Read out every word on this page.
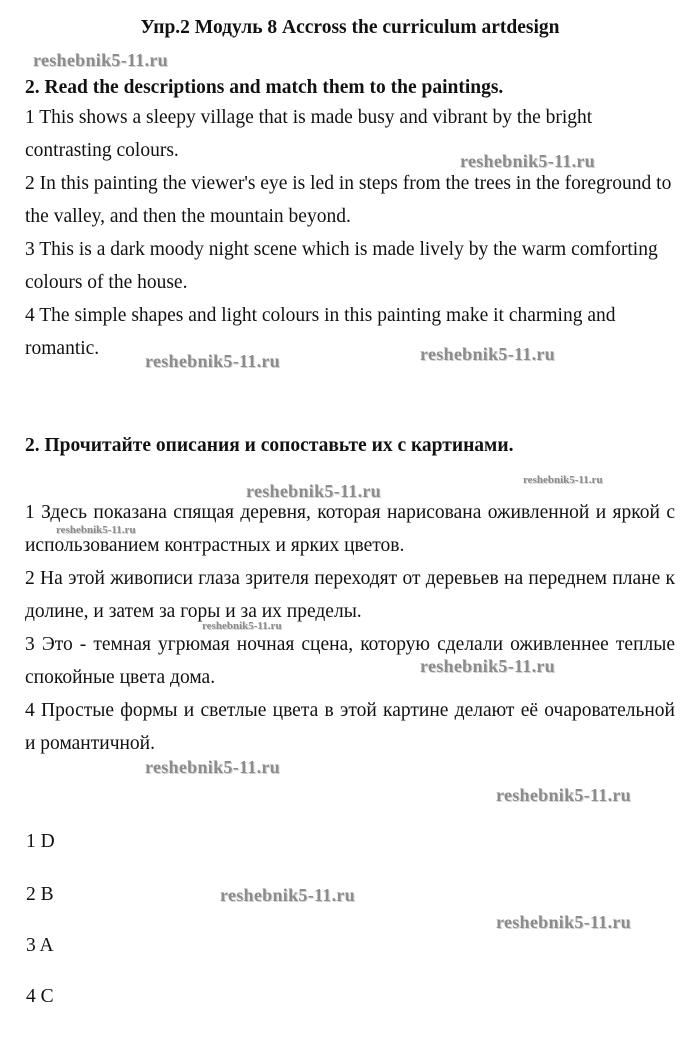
Упр.2 Модуль 8 Accross the curriculum artdesign
2. Read the descriptions and match them to the paintings.

1 This shows a sleepy village that is made busy and vibrant by the bright contrasting colours.

2 In this painting the viewer's eye is led in steps from the trees in the foreground to the valley, and then the mountain beyond.

3 This is a dark moody night scene which is made lively by the warm comforting colours of the house.

4 The simple shapes and light colours in this painting make it charming and romantic.

2. Прочитайте описания и сопоставьте их с картинами.

1 Здесь показана спящая деревня, которая нарисована оживленной и яркой с использованием контрастных и ярких цветов.

2 На этой живописи глаза зрителя переходят от деревьев на переднем плане к долине, и затем за горы и за их пределы.

3 Это - темная угрюмая ночная сцена, которую сделали оживленнее теплые спокойные цвета дома.

4 Простые формы и светлые цвета в этой картине делают её очаровательной и романтичной.

1 D
2 B
3 A
4 C
reshebnik5-11.ru
reshebnik5-11.ru
reshebnik5-11.ru	reshebnik5-11.ru
reshebnik5-11.ru
reshebnik5-11.ru
reshebnik5-11.ru
reshebnik5-11.ru
reshebnik5-11.ru
reshebnik5-11.ru
reshebnik5-11.ru
reshebnik5-11.ru
reshebnik5-11.ru
